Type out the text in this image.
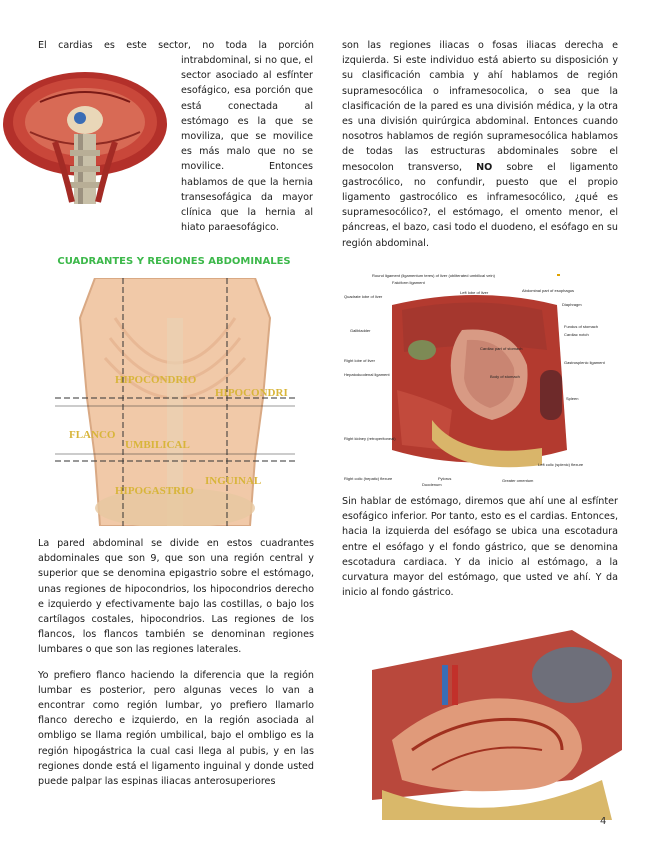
El cardias es este sector, no toda la porción
intrabdominal, si no que, el sector asociado al esfínter esofágico, esa porción que está conectada al estómago es la que se moviliza, que se movilice es más malo que no se movilice. Entonces hablamos de que la hernia transesofágica da mayor clínica que la hernia al hiato paraesofágico.
CUADRANTES Y REGIONES ABDOMINALES
HIPOCONDRIO
HIPOCONDRI
FLANCO
UMBILICAL
INGUINAL
HIPOGASTRIO

La pared abdominal se divide en estos cuadrantes abdominales que son 9, que son una región central y superior que se denomina epigastrio sobre el estómago, unas regiones de hipocondrios, los hipocondrios derecho e izquierdo y efectivamente bajo las costillas, o bajo los cartílagos costales, hipocondrios. Las regiones de los flancos, los flancos también se denominan regiones lumbares o que son las regiones laterales.

Yo prefiero flanco haciendo la diferencia que la región lumbar es posterior, pero algunas veces lo van a encontrar como región lumbar, yo prefiero llamarlo flanco derecho e izquierdo, en la región asociada al ombligo se llama región umbilical, bajo el ombligo es la región hipogástrica la cual casi llega al pubis, y en las regiones donde está el ligamento inguinal y donde usted puede palpar las espinas iliacas anterosuperiores

son las regiones iliacas o fosas iliacas derecha e izquierda. Si este individuo está abierto su disposición y su clasificación cambia y ahí hablamos de región supramesocólica o inframesocolica, o sea que la clasificación de la pared es una división médica, y la otra es una división quirúrgica abdominal. Entonces cuando nosotros hablamos de región supramesocólica hablamos de todas las estructuras abdominales sobre el mesocolon transverso, NO sobre el ligamento gastrocólico, no confundir, puesto que el propio ligamento gastrocólico es inframesocólico, ¿qué es supramesocólico?, el estómago, el omento menor, el páncreas, el bazo, casi todo el duodeno, el esófago en su región abdominal.
Round ligament (ligamentum teres) of liver (obliterated umbilical vein)
Falciform ligament
Quadrate lobe of liver
Left lobe of liver	Abdominal part of esophagus
Diaphragm
Fundus of stomach
Cardiac notch
Gallbladder
Cardiac part of stomach
Body of stomach
Gastrosplenic ligament
Right lobe of liver
Hepatoduodenal ligament
Spleen
Right kidney (retroperitoneal)
Pylorus
Duodenum
Greater omentum
Right colic (hepatic) flexure
Left colic (splenic) flexure
Sin hablar de estómago, diremos que ahí une al esfínter esofágico inferior. Por tanto, esto es el cardias. Entonces, hacia la izquierda del esófago se ubica una escotadura entre el esófago y el fondo gástrico, que se denomina escotadura cardiaca. Y da inicio al estómago, a la curvatura mayor del estómago, que usted ve ahí. Y da inicio al fondo gástrico.
4
